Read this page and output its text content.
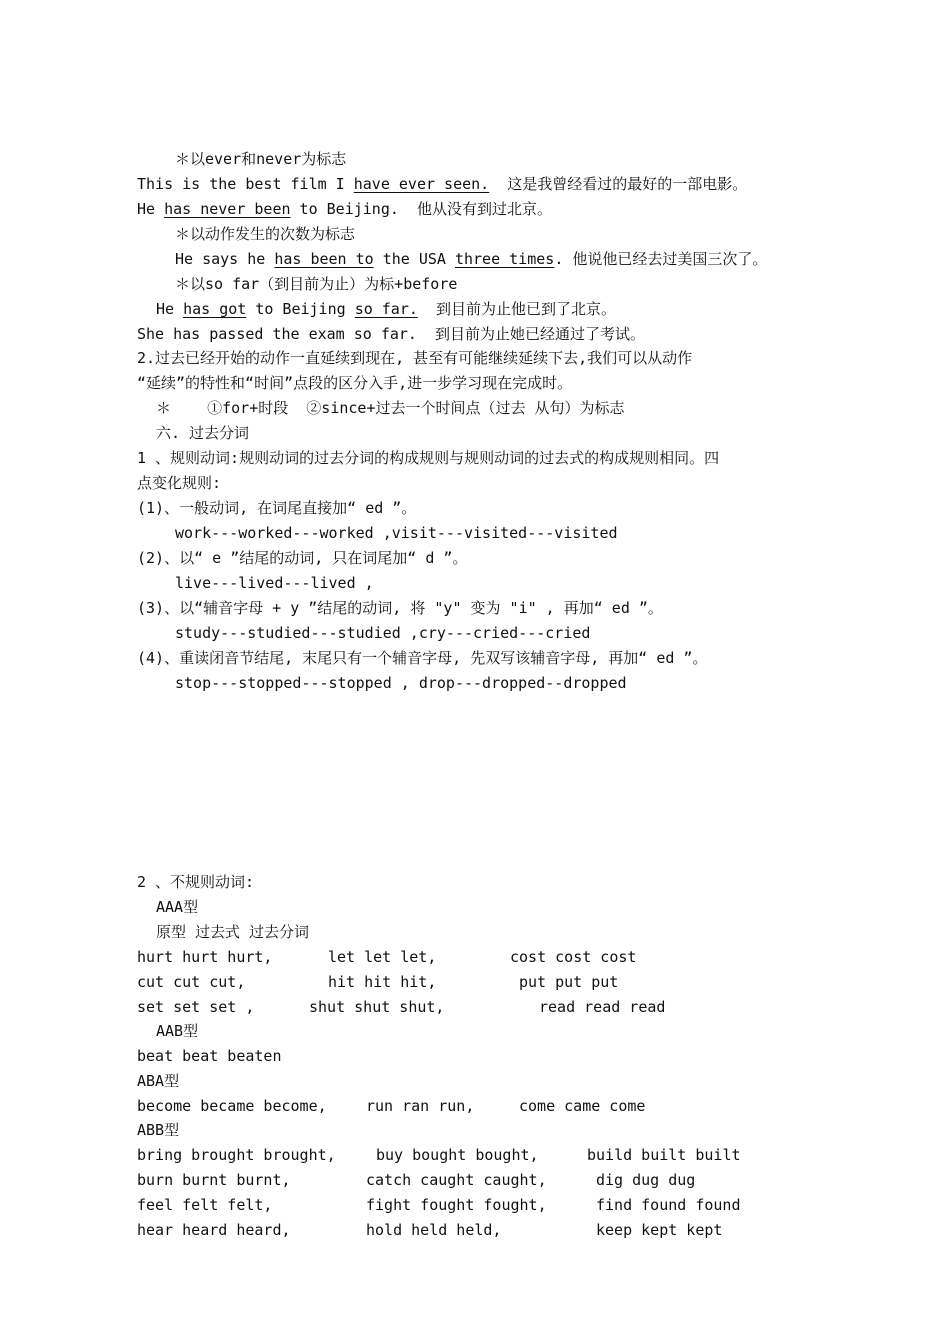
＊以ever和never为标志
This is the best film I have ever seen.  这是我曾经看过的最好的一部电影。
He has never been to Beijing.  他从没有到过北京。
＊以动作发生的次数为标志
He says he has been to the USA three times. 他说他已经去过美国三次了。
＊以so far（到目前为止）为标+before
He has got to Beijing so far.  到目前为止他已到了北京。
She has passed the exam so far.  到目前为止她已经通过了考试。
2.过去已经开始的动作一直延续到现在, 甚至有可能继续延续下去,我们可以从动作
“延续”的特性和“时间”点段的区分入手,进一步学习现在完成时。
＊    ①for+时段  ②since+过去一个时间点（过去 从句）为标志
六. 过去分词
1 、规则动词:规则动词的过去分词的构成规则与规则动词的过去式的构成规则相同。四
点变化规则:
(1)、一般动词, 在词尾直接加“ ed ”。
work---worked---worked ,visit---visited---visited
(2)、以“ e ”结尾的动词, 只在词尾加“ d ”。
live---lived---lived ,
(3)、以“辅音字母 + y ”结尾的动词, 将 "y" 变为 "i" , 再加“ ed ”。
study---studied---studied ,cry---cried---cried
(4)、重读闭音节结尾, 末尾只有一个辅音字母, 先双写该辅音字母, 再加“ ed ”。
stop---stopped---stopped , drop---dropped--dropped
2 、不规则动词:
AAA型
原型 过去式 过去分词
hurt hurt hurt,	let let let,	cost cost cost
cut cut cut,	hit hit hit,	put put put
set set set ,	shut shut shut,	read read read
AAB型
beat beat beaten
ABA型
become became become,	run ran run,	come came come
ABB型
bring brought brought,	buy bought bought,	build built built
burn burnt burnt,	catch caught caught,	dig dug dug
feel felt felt,	fight fought fought,	find found found
hear heard heard,	hold held held,	keep kept kept
